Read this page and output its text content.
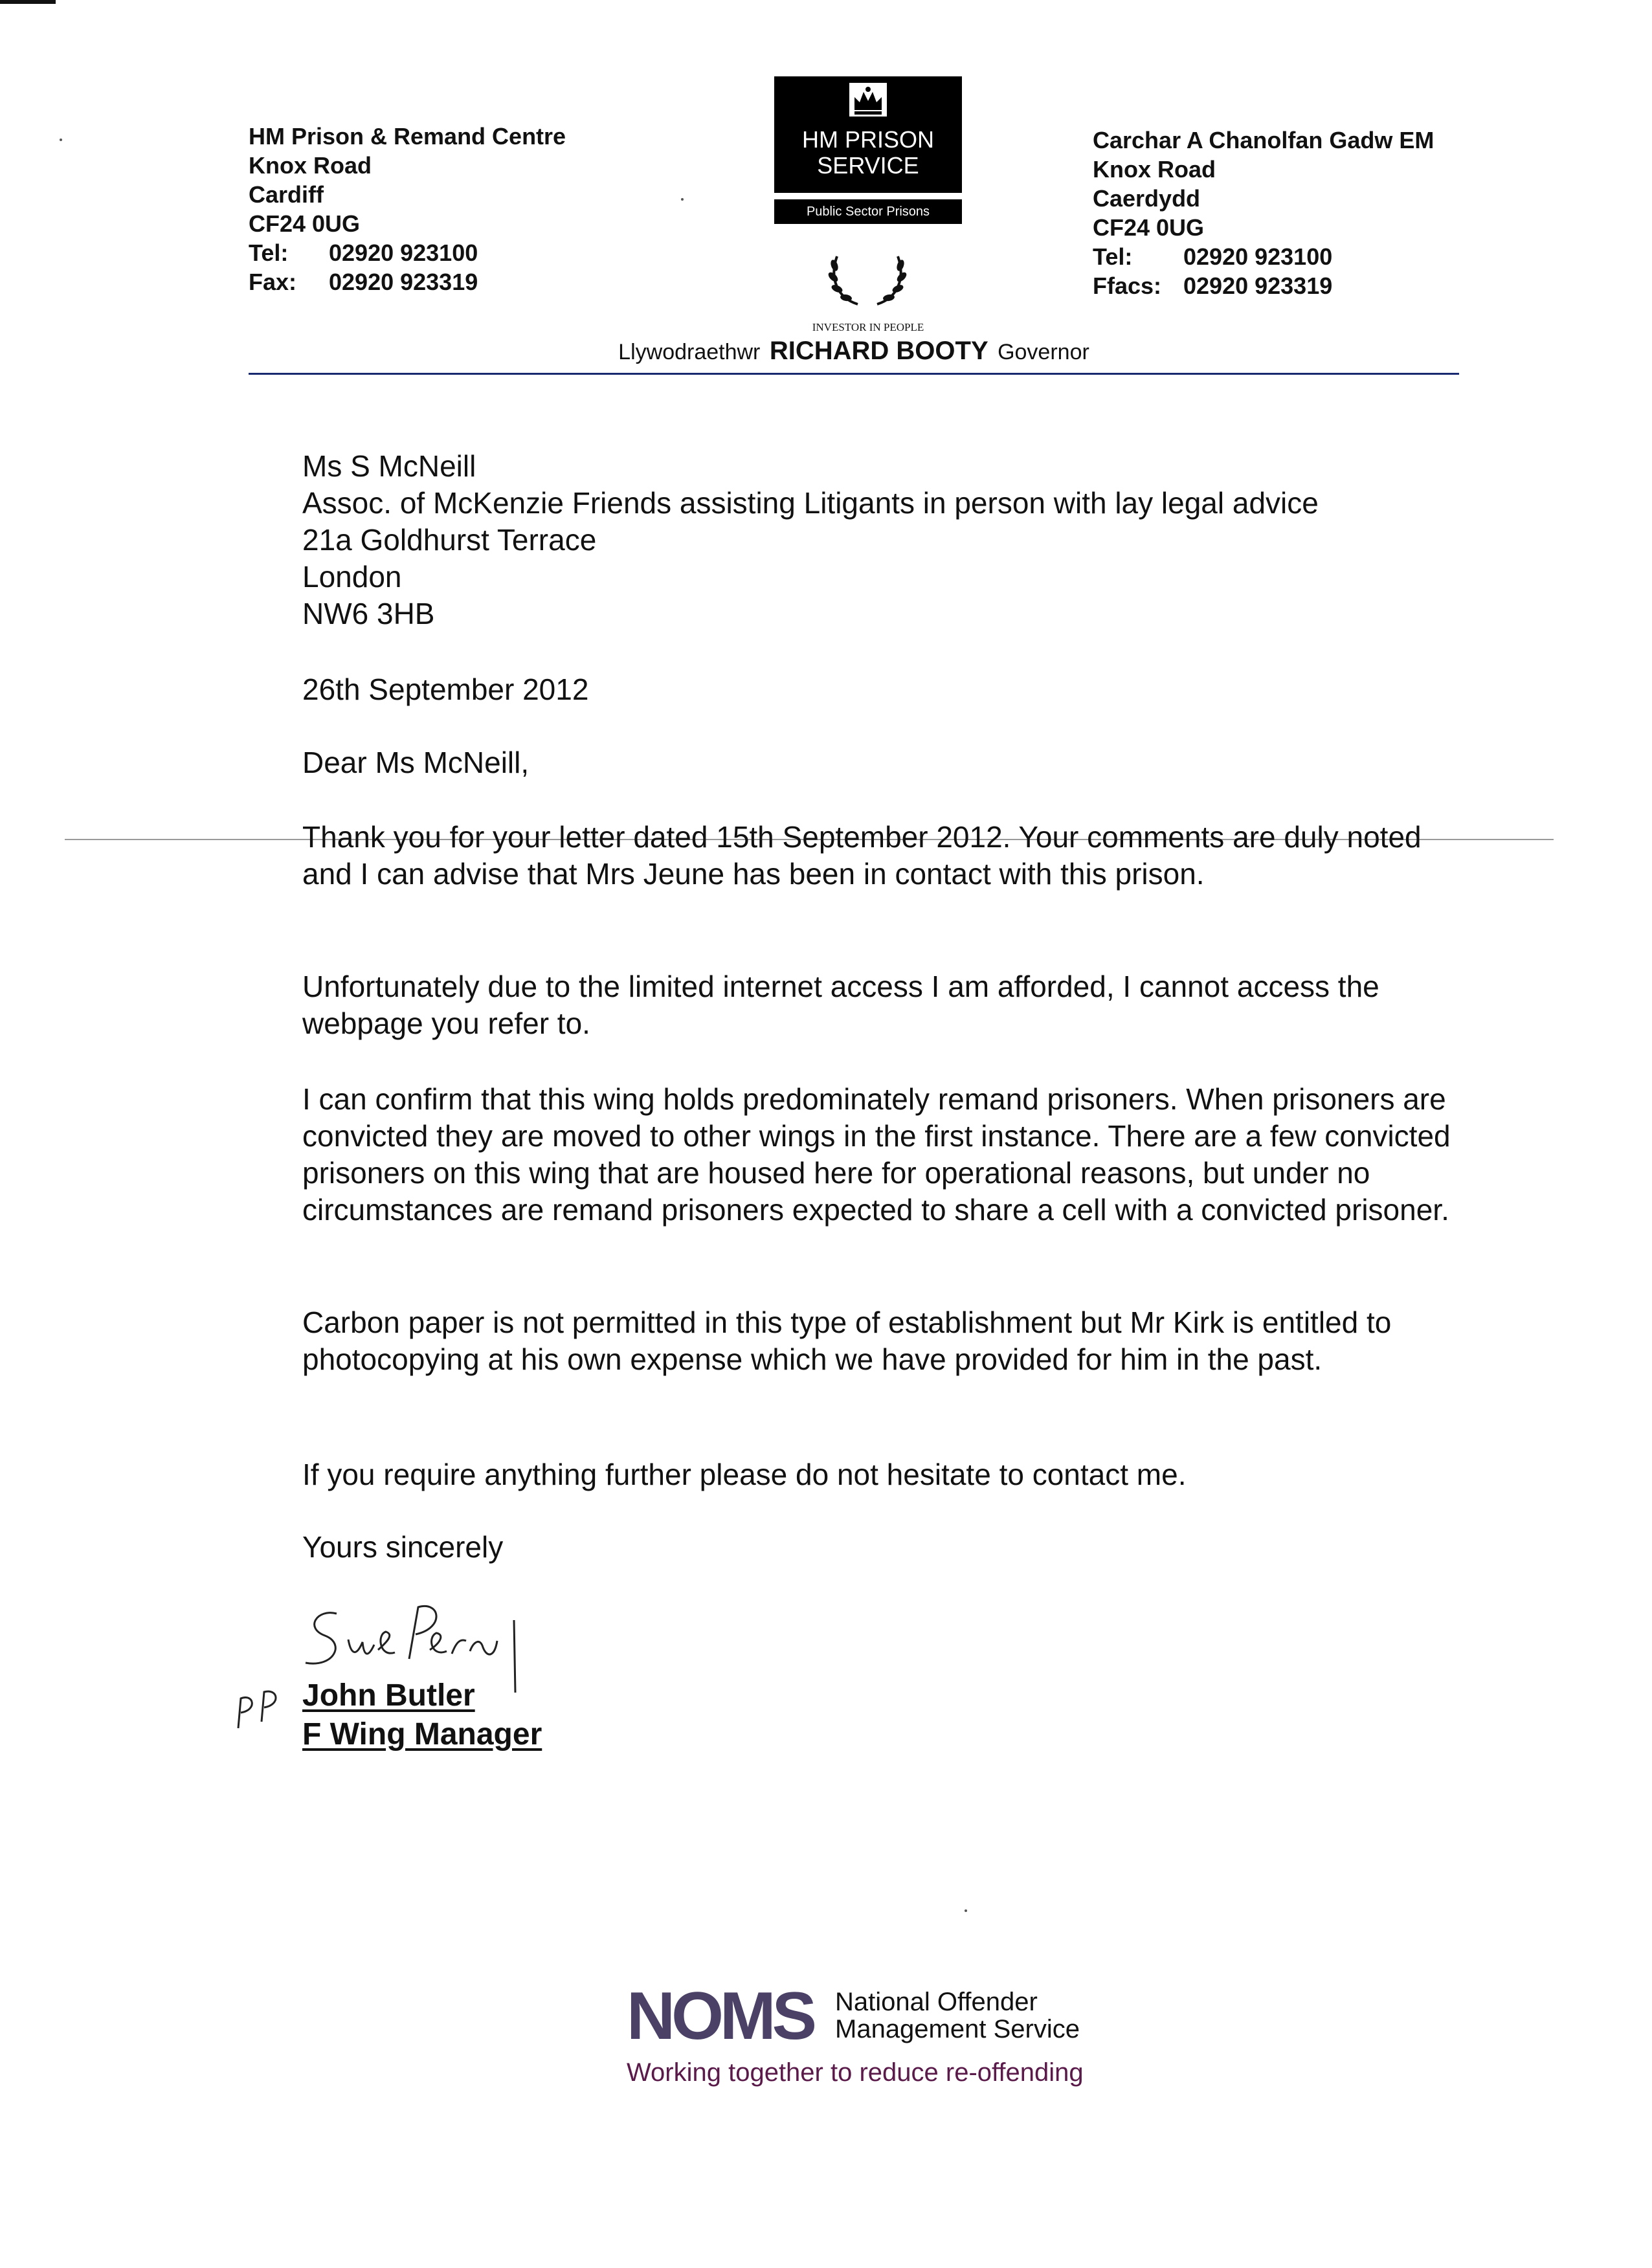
HM Prison & Remand Centre
Knox Road
Cardiff
CF24 0UG
Tel: 02920 923100
Fax: 02920 923319
HM PRISON
SERVICE
Public Sector Prisons
INVESTOR IN PEOPLE
Carchar A Chanolfan Gadw EM
Knox Road
Caerdydd
CF24 0UG
Tel: 02920 923100
Ffacs: 02920 923319
Llywodraethwr RICHARD BOOTY Governor
Ms S McNeill
Assoc. of McKenzie Friends assisting Litigants in person with lay legal advice
21a Goldhurst Terrace
London
NW6 3HB
26th September 2012
Dear Ms McNeill,
Thank you for your letter dated 15th September 2012. Your comments are duly noted and I can advise that Mrs Jeune has been in contact with this prison.
Unfortunately due to the limited internet access I am afforded, I cannot access the webpage you refer to.
I can confirm that this wing holds predominately remand prisoners. When prisoners are convicted they are moved to other wings in the first instance. There are a few convicted prisoners on this wing that are housed here for operational reasons, but under no circumstances are remand prisoners expected to share a cell with a convicted prisoner.
Carbon paper is not permitted in this type of establishment but Mr Kirk is entitled to photocopying at his own expense which we have provided for him in the past.
If you require anything further please do not hesitate to contact me.
Yours sincerely
John Butler
F Wing Manager
NOMS National Offender
Management Service
Working together to reduce re-offending
